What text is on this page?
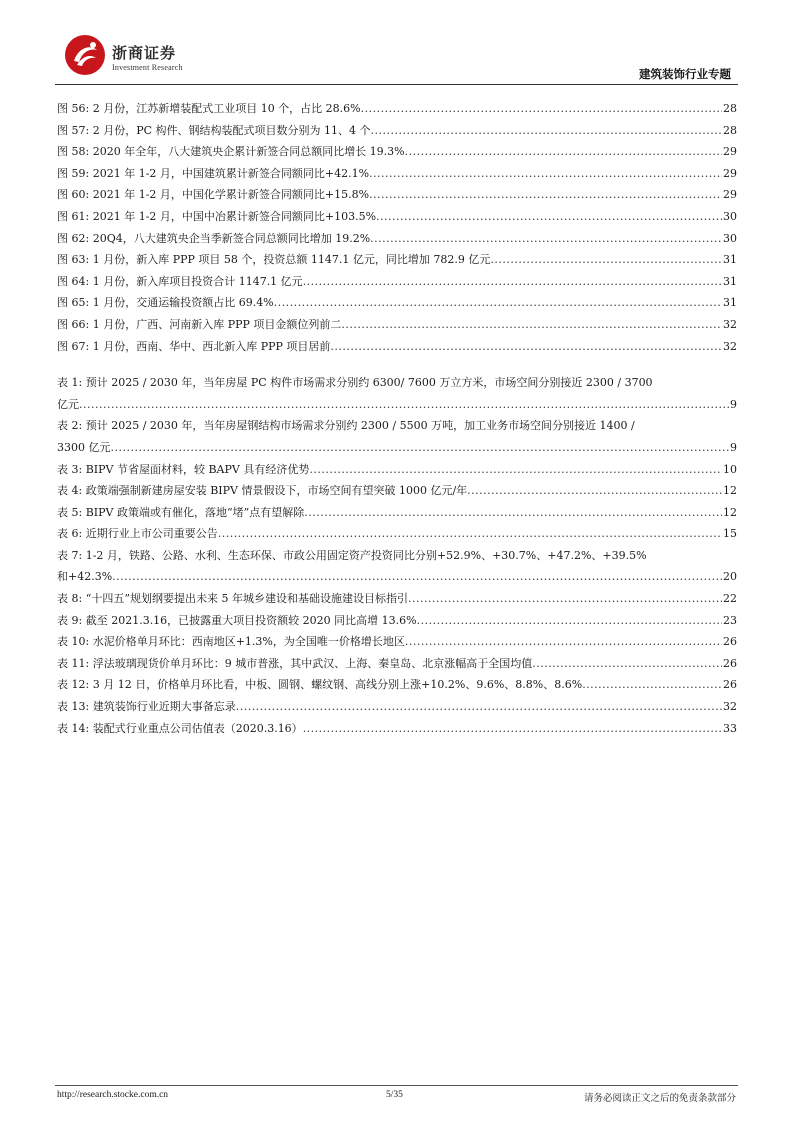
浙商证券
Investment Research	建筑装饰行业专题
图 56: 2 月份，江苏新增装配式工业项目 10 个，占比 28.6% .....	28
图 57: 2 月份，PC 构件、钢结构装配式项目数分别为 11、4 个 .....	28
图 58: 2020 年全年，八大建筑央企累计新签合同总额同比增长 19.3% .....	29
图 59: 2021 年 1-2 月，中国建筑累计新签合同额同比+42.1% .....	29
图 60: 2021 年 1-2 月，中国化学累计新签合同额同比+15.8% .....	29
图 61: 2021 年 1-2 月，中国中冶累计新签合同额同比+103.5% .....	30
图 62: 20Q4，八大建筑央企当季新签合同总额同比增加 19.2% .....	30
图 63: 1 月份，新入库 PPP 项目 58 个，投资总额 1147.1 亿元，同比增加 782.9 亿元 .....	31
图 64: 1 月份，新入库项目投资合计 1147.1 亿元 .....	31
图 65: 1 月份，交通运输投资额占比 69.4% .....	31
图 66: 1 月份，广西、河南新入库 PPP 项目金额位列前二 .....	32
图 67: 1 月份，西南、华中、西北新入库 PPP 项目居前 .....	32
表 1: 预计 2025 / 2030 年，当年房屋 PC 构件市场需求分别约 6300/ 7600 万立方米，市场空间分别接近 2300 / 3700
亿元 .....	9
表 2: 预计 2025 / 2030 年，当年房屋钢结构市场需求分别约 2300 / 5500 万吨，加工业务市场空间分别接近 1400 /
3300 亿元 .....	9
表 3: BIPV 节省屋面材料，较 BAPV 具有经济优势 .....	10
表 4: 政策端强制新建房屋安装 BIPV 情景假设下，市场空间有望突破 1000 亿元/年 .....	12
表 5: BIPV 政策端或有催化，落地“堵”点有望解除 .....	12
表 6: 近期行业上市公司重要公告 .....	15
表 7: 1-2 月，铁路、公路、水利、生态环保、市政公用固定资产投资同比分别+52.9%、+30.7%、+47.2%、+39.5%
和+42.3% .....	20
表 8: “十四五”规划纲要提出未来 5 年城乡建设和基础设施建设目标指引 .....	22
表 9: 截至 2021.3.16，已披露重大项目投资额较 2020 同比高增 13.6% .....	23
表 10: 水泥价格单月环比：西南地区+1.3%，为全国唯一价格增长地区 .....	26
表 11: 浮法玻璃现货价单月环比：9 城市普涨，其中武汉、上海、秦皇岛、北京涨幅高于全国均值 .....	26
表 12: 3 月 12 日，价格单月环比看，中板、圆钢、螺纹钢、高线分别上涨+10.2%、9.6%、8.8%、8.6% .....	26
表 13: 建筑装饰行业近期大事备忘录 .....	32
表 14: 装配式行业重点公司估值表（2020.3.16） .....	33
http://research.stocke.com.cn	5/35	请务必阅读正文之后的免责条款部分
